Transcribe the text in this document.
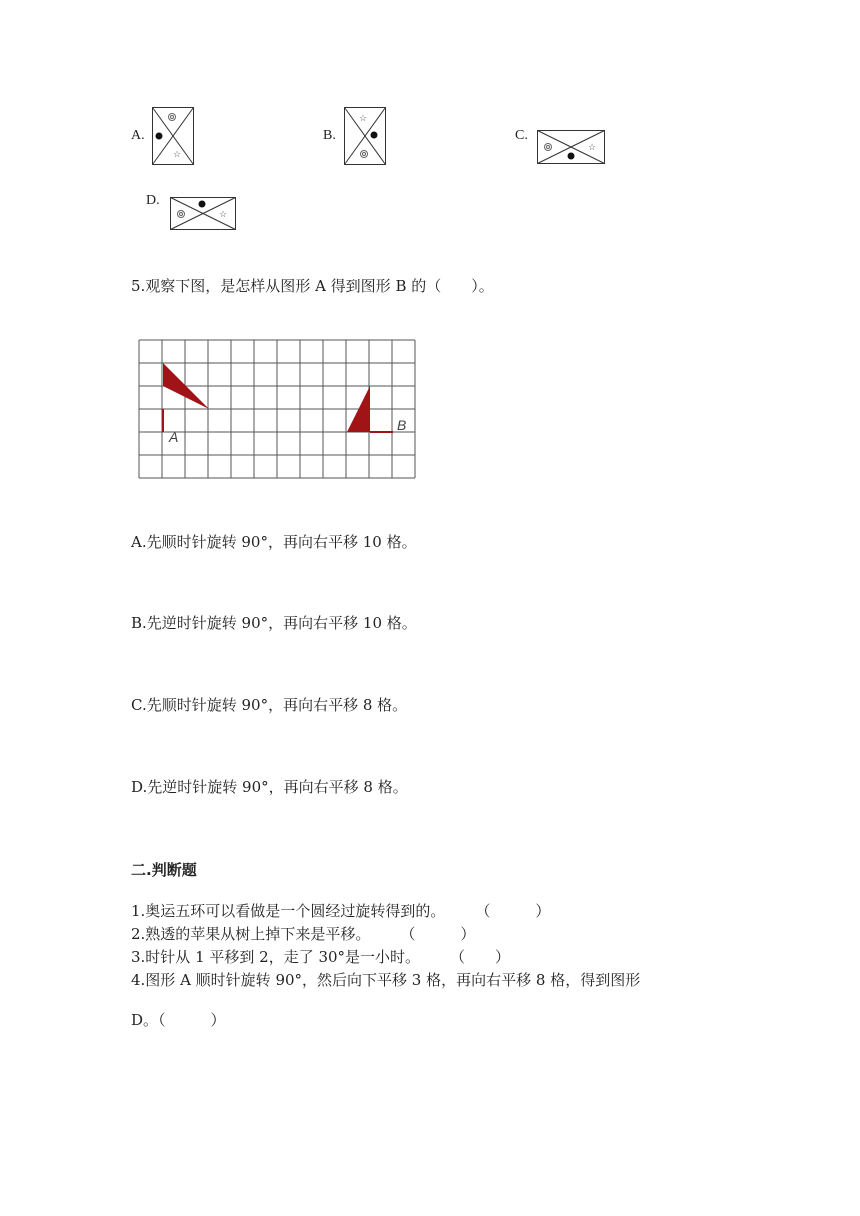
A.	B.	C.
D.
☆
☆
☆
☆
5.观察下图，是怎样从图形 A 得到图形 B 的（　　）。
A
B
A.先顺时针旋转 90°，再向右平移 10 格。
B.先逆时针旋转 90°，再向右平移 10 格。
C.先顺时针旋转 90°，再向右平移 8 格。
D.先逆时针旋转 90°，再向右平移 8 格。
二.判断题
1.奥运五环可以看做是一个圆经过旋转得到的。　　　（　　　）
2.熟透的苹果从树上掉下来是平移。　　　（　　　）
3.时针从 1 平移到 2，走了 30°是一小时。　　　（　　）
4.图形 A 顺时针旋转 90°，然后向下平移 3 格，再向右平移 8 格，得到图形
D。（　　　）
